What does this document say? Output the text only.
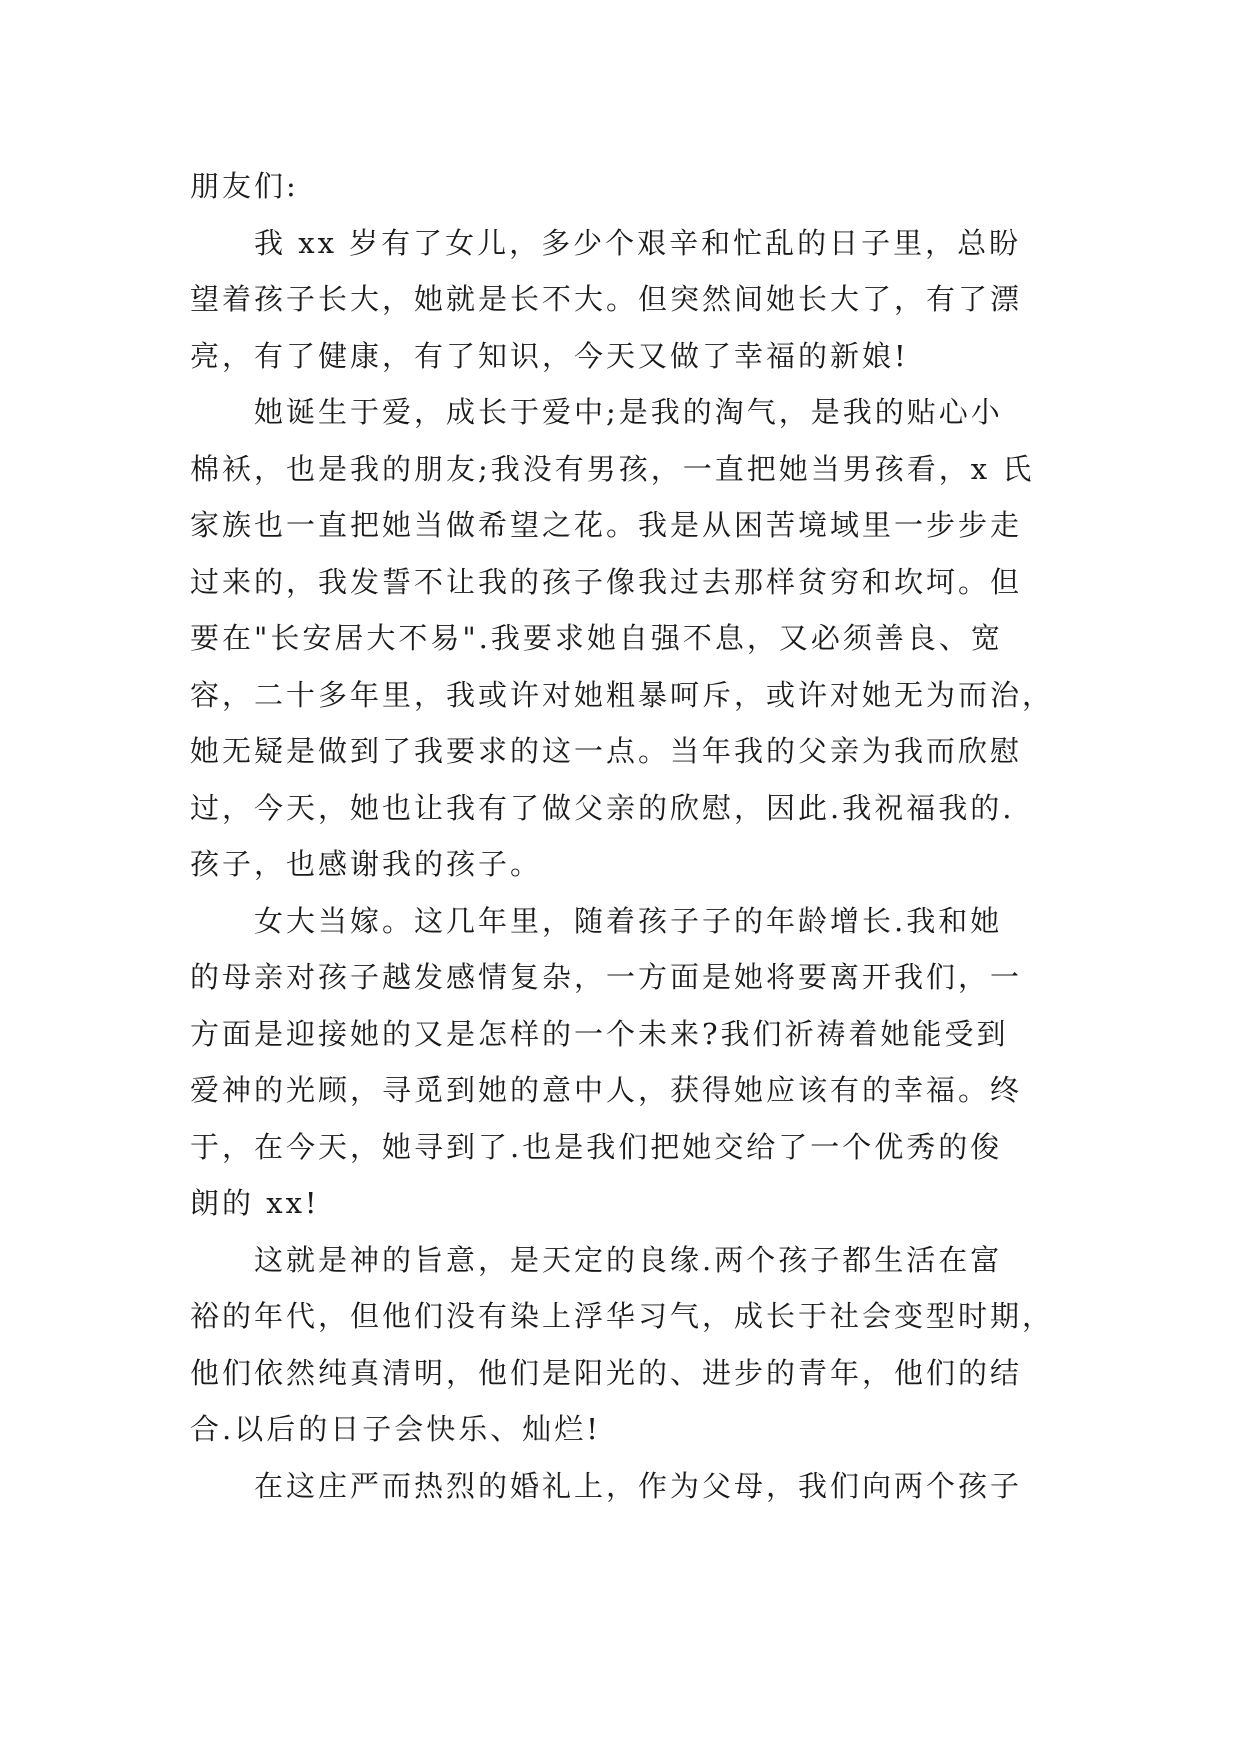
朋友们:
我 xx 岁有了女儿，多少个艰辛和忙乱的日子里，总盼
望着孩子长大，她就是长不大。但突然间她长大了，有了漂
亮，有了健康，有了知识，今天又做了幸福的新娘!
她诞生于爱，成长于爱中;是我的淘气，是我的贴心小
棉袄，也是我的朋友;我没有男孩，一直把她当男孩看，x 氏
家族也一直把她当做希望之花。我是从困苦境域里一步步走
过来的，我发誓不让我的孩子像我过去那样贫穷和坎坷。但
要在"长安居大不易".我要求她自强不息，又必须善良、宽
容，二十多年里，我或许对她粗暴呵斥，或许对她无为而治，
她无疑是做到了我要求的这一点。当年我的父亲为我而欣慰
过，今天，她也让我有了做父亲的欣慰，因此.我祝福我的.
孩子，也感谢我的孩子。
女大当嫁。这几年里，随着孩子子的年龄增长.我和她
的母亲对孩子越发感情复杂，一方面是她将要离开我们，一
方面是迎接她的又是怎样的一个未来?我们祈祷着她能受到
爱神的光顾，寻觅到她的意中人，获得她应该有的幸福。终
于，在今天，她寻到了.也是我们把她交给了一个优秀的俊
朗的 xx!
这就是神的旨意，是天定的良缘.两个孩子都生活在富
裕的年代，但他们没有染上浮华习气，成长于社会变型时期，
他们依然纯真清明，他们是阳光的、进步的青年，他们的结
合.以后的日子会快乐、灿烂!
在这庄严而热烈的婚礼上，作为父母，我们向两个孩子
